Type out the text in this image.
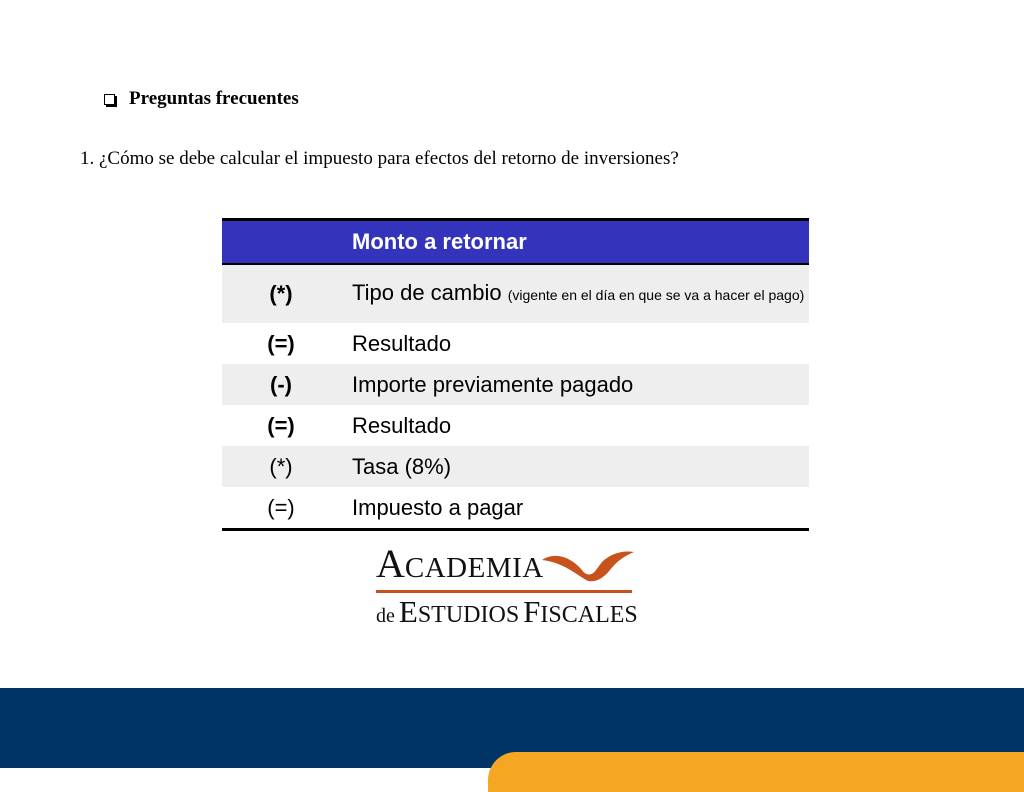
Preguntas frecuentes
1. ¿Cómo se debe calcular el impuesto para efectos del retorno de inversiones?
	Monto a retornar
(*)	Tipo de cambio (vigente en el día en que se va a hacer el pago)

(=)	Resultado
(-)	Importe previamente pagado
(=)	Resultado
(*)	Tasa (8%)
(=)	Impuesto a pagar
ACADEMIA
de ESTUDIOS FISCALES
